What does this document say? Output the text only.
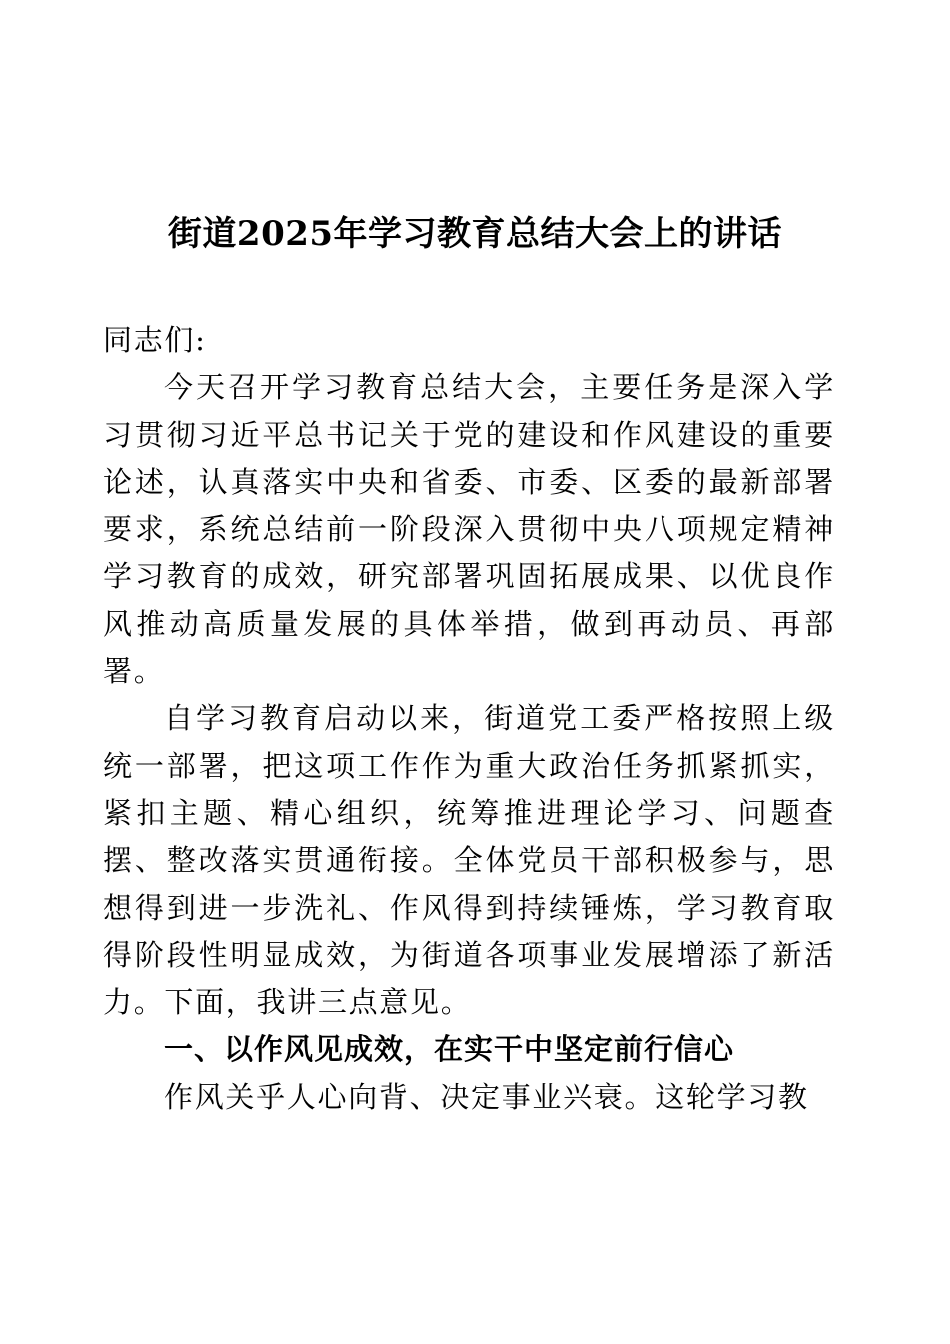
街道2025年学习教育总结大会上的讲话

同志们:

今天召开学习教育总结大会，主要任务是深入学习贯彻习近平总书记关于党的建设和作风建设的重要论述，认真落实中央和省委、市委、区委的最新部署要求，系统总结前一阶段深入贯彻中央八项规定精神学习教育的成效，研究部署巩固拓展成果、以优良作风推动高质量发展的具体举措，做到再动员、再部署。

自学习教育启动以来，街道党工委严格按照上级统一部署，把这项工作作为重大政治任务抓紧抓实，紧扣主题、精心组织，统筹推进理论学习、问题查摆、整改落实贯通衔接。全体党员干部积极参与，思想得到进一步洗礼、作风得到持续锤炼，学习教育取得阶段性明显成效，为街道各项事业发展增添了新活力。下面，我讲三点意见。

一、以作风见成效，在实干中坚定前行信心

作风关乎人心向背、决定事业兴衰。这轮学习教
